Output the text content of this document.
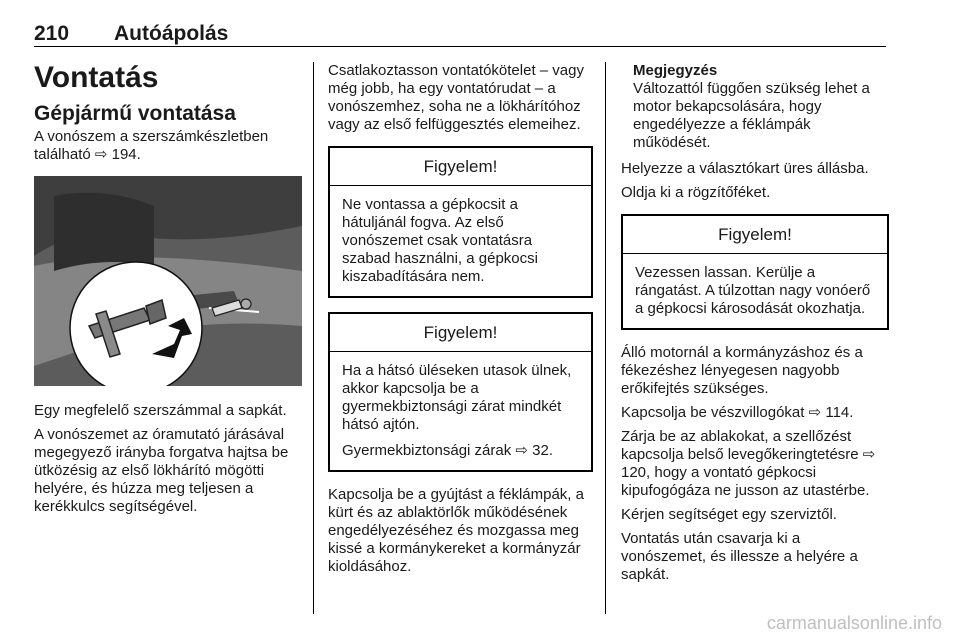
210 Autóápolás
Vontatás
Gépjármű vontatása

A vonószem a szerszámkészletben található ⇨ 194.

Egy megfelelő szerszámmal a sapkát.

A vonószemet az óramutató járásával megegyező irányba forgatva hajtsa be ütközésig az első lökhárító mögötti helyére, és húzza meg teljesen a kerékkulcs segítségével.

Csatlakoztasson vontatókötelet – vagy még jobb, ha egy vontatórudat – a vonószemhez, soha ne a lökhárítóhoz vagy az első felfüggesztés elemeihez.

Figyelem!

Ne vontassa a gépkocsit a hátuljánál fogva. Az első vonószemet csak vontatásra szabad használni, a gépkocsi kiszabadítására nem.

Figyelem!

Ha a hátsó üléseken utasok ülnek, akkor kapcsolja be a gyermekbiztonsági zárat mindkét hátsó ajtón.

Gyermekbiztonsági zárak ⇨ 32.

Kapcsolja be a gyújtást a féklámpák, a kürt és az ablaktörlők működésének engedélyezéséhez és mozgassa meg kissé a kormánykereket a kormányzár kioldásához.

Megjegyzés

Változattól függően szükség lehet a motor bekapcsolására, hogy engedélyezze a féklámpák működését.

Helyezze a választókart üres állásba.

Oldja ki a rögzítőféket.

Figyelem!

Vezessen lassan. Kerülje a rángatást. A túlzottan nagy vonóerő a gépkocsi károsodását okozhatja.

Álló motornál a kormányzáshoz és a fékezéshez lényegesen nagyobb erőkifejtés szükséges.

Kapcsolja be vészvillogókat ⇨ 114.

Zárja be az ablakokat, a szellőzést kapcsolja belső levegőkeringtetésre ⇨ 120, hogy a vontató gépkocsi kipufogógáza ne jusson az utastérbe.

Kérjen segítséget egy szerviztől.

Vontatás után csavarja ki a vonószemet, és illessze a helyére a sapkát.

carmanualsonline.info
